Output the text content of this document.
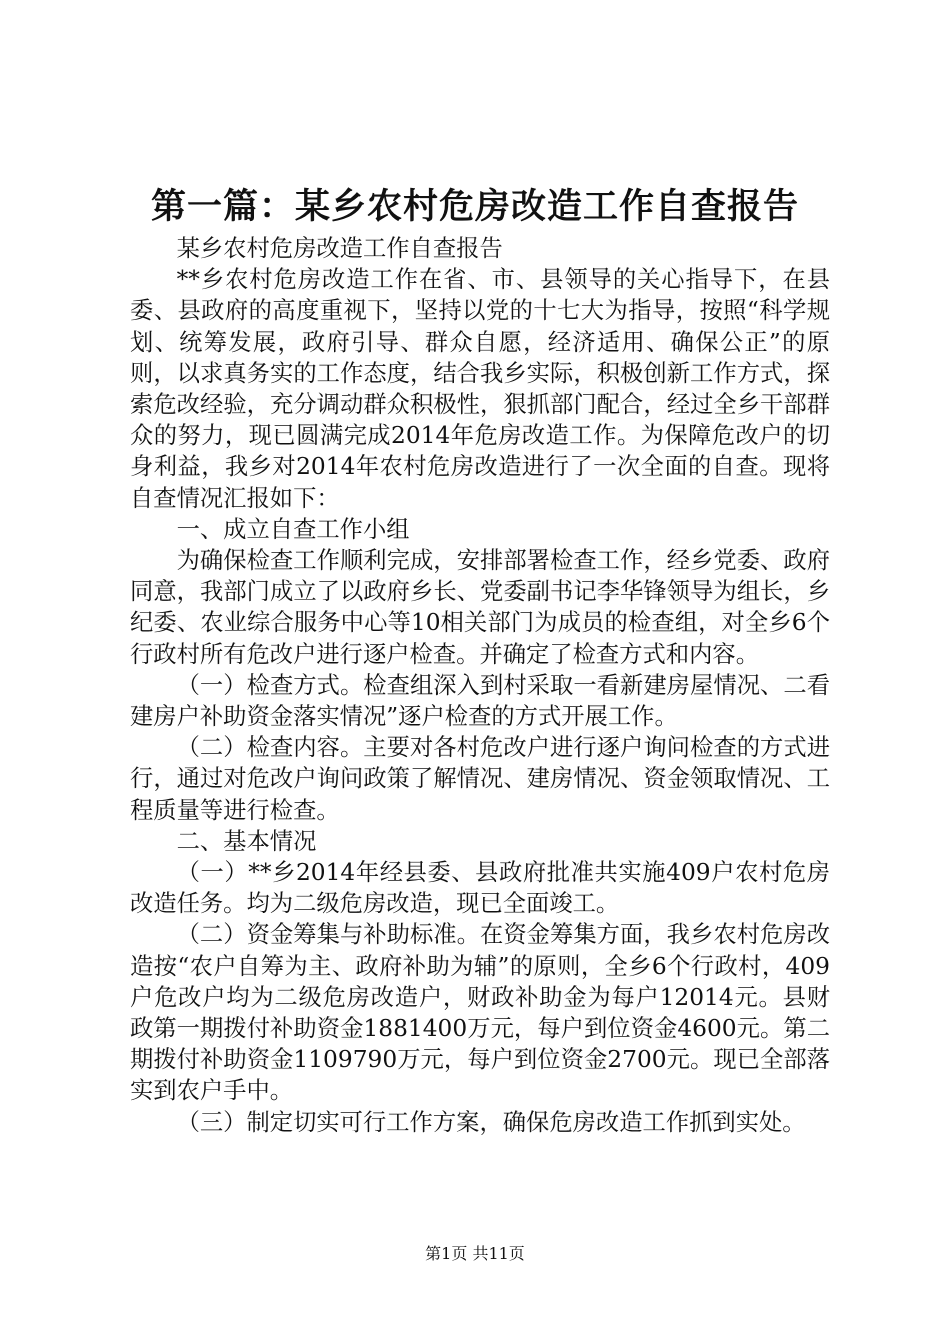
第一篇：某乡农村危房改造工作自查报告

某乡农村危房改造工作自查报告

**乡农村危房改造工作在省、市、县领导的关心指导下，在县委、县政府的高度重视下，坚持以党的十七大为指导，按照“科学规划、统筹发展，政府引导、群众自愿，经济适用、确保公正”的原则，以求真务实的工作态度，结合我乡实际，积极创新工作方式，探索危改经验，充分调动群众积极性，狠抓部门配合，经过全乡干部群众的努力，现已圆满完成2014年危房改造工作。为保障危改户的切身利益，我乡对2014年农村危房改造进行了一次全面的自查。现将自查情况汇报如下：

一、成立自查工作小组

为确保检查工作顺利完成，安排部署检查工作，经乡党委、政府同意，我部门成立了以政府乡长、党委副书记李华锋领导为组长，乡纪委、农业综合服务中心等10相关部门为成员的检查组，对全乡6个行政村所有危改户进行逐户检查。并确定了检查方式和内容。

（一）检查方式。检查组深入到村采取一看新建房屋情况、二看建房户补助资金落实情况”逐户检查的方式开展工作。

（二）检查内容。主要对各村危改户进行逐户询问检查的方式进行，通过对危改户询问政策了解情况、建房情况、资金领取情况、工程质量等进行检查。

二、基本情况

（一）**乡2014年经县委、县政府批准共实施409户农村危房改造任务。均为二级危房改造，现已全面竣工。

（二）资金筹集与补助标准。在资金筹集方面，我乡农村危房改造按“农户自筹为主、政府补助为辅”的原则，全乡6个行政村，409户危改户均为二级危房改造户，财政补助金为每户12014元。县财政第一期拨付补助资金1881400万元，每户到位资金4600元。第二期拨付补助资金1109790万元，每户到位资金2700元。现已全部落实到农户手中。

（三）制定切实可行工作方案，确保危房改造工作抓到实处。

第1页 共11页
